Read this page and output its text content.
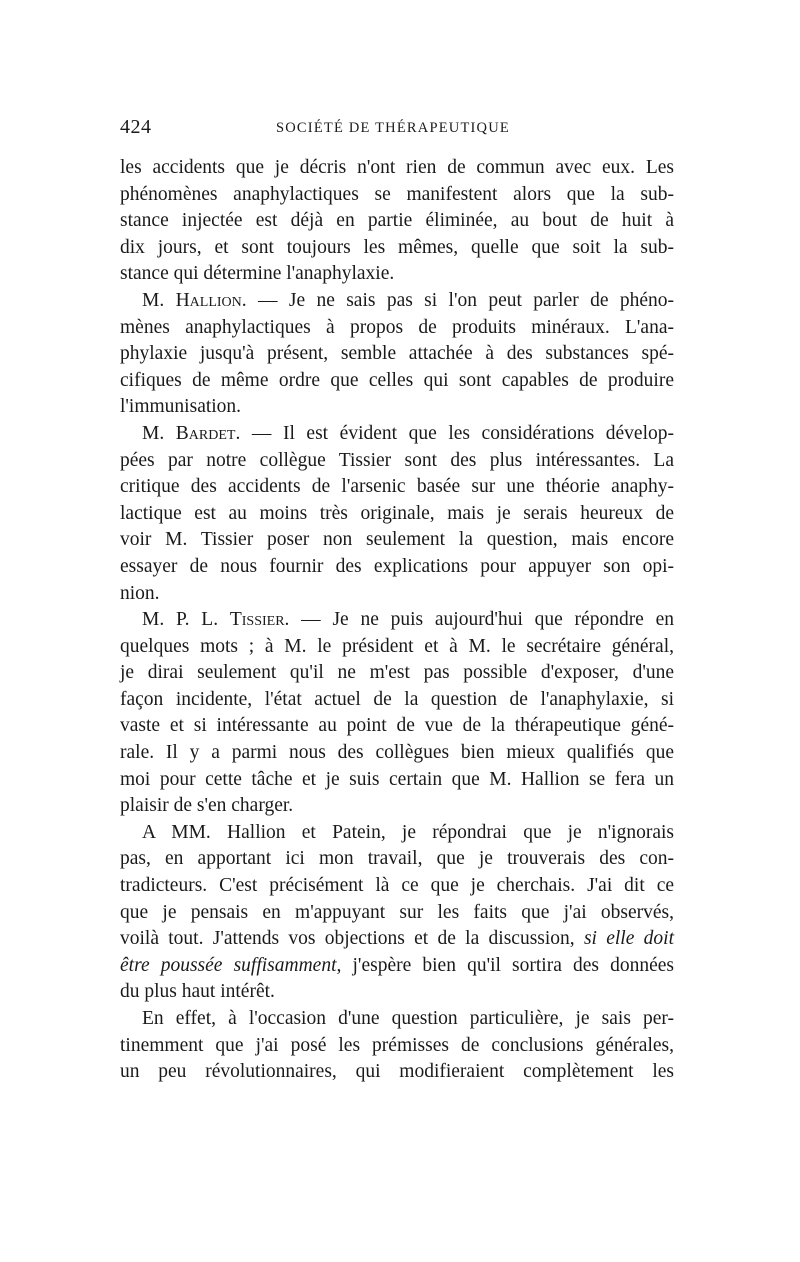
424	SOCIÉTÉ DE THÉRAPEUTIQUE
les accidents que je décris n'ont rien de commun avec eux. Les
phénomènes anaphylactiques se manifestent alors que la sub-
stance injectée est déjà en partie éliminée, au bout de huit à
dix jours, et sont toujours les mêmes, quelle que soit la sub-
stance qui détermine l'anaphylaxie.
M. Hallion. — Je ne sais pas si l'on peut parler de phéno-
mènes anaphylactiques à propos de produits minéraux. L'ana-
phylaxie jusqu'à présent, semble attachée à des substances spé-
cifiques de même ordre que celles qui sont capables de produire
l'immunisation.
M. Bardet. — Il est évident que les considérations dévelop-
pées par notre collègue Tissier sont des plus intéressantes. La
critique des accidents de l'arsenic basée sur une théorie anaphy-
lactique est au moins très originale, mais je serais heureux de
voir M. Tissier poser non seulement la question, mais encore
essayer de nous fournir des explications pour appuyer son opi-
nion.
M. P. L. Tissier. — Je ne puis aujourd'hui que répondre en
quelques mots ; à M. le président et à M. le secrétaire général,
je dirai seulement qu'il ne m'est pas possible d'exposer, d'une
façon incidente, l'état actuel de la question de l'anaphylaxie, si
vaste et si intéressante au point de vue de la thérapeutique géné-
rale. Il y a parmi nous des collègues bien mieux qualifiés que
moi pour cette tâche et je suis certain que M. Hallion se fera un
plaisir de s'en charger.
A MM. Hallion et Patein, je répondrai que je n'ignorais
pas, en apportant ici mon travail, que je trouverais des con-
tradicteurs. C'est précisément là ce que je cherchais. J'ai dit ce
que je pensais en m'appuyant sur les faits que j'ai observés,
voilà tout. J'attends vos objections et de la discussion, si elle doit
être poussée suffisamment, j'espère bien qu'il sortira des données
du plus haut intérêt.
En effet, à l'occasion d'une question particulière, je sais per-
tinemment que j'ai posé les prémisses de conclusions générales,
un peu révolutionnaires, qui modifieraient complètement les
